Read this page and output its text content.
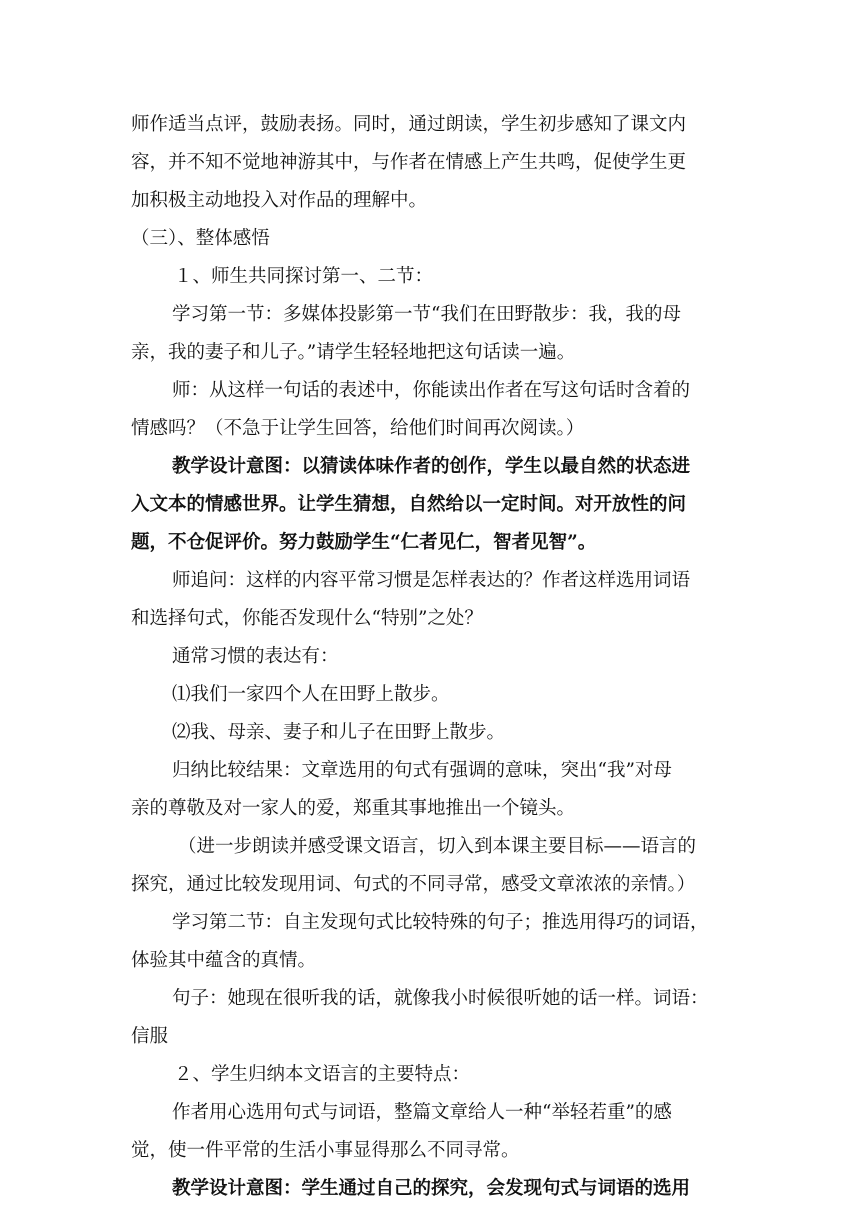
师作适当点评，鼓励表扬。同时，通过朗读，学生初步感知了课文内
容，并不知不觉地神游其中，与作者在情感上产生共鸣，促使学生更
加积极主动地投入对作品的理解中。
（三）、整体感悟
１、师生共同探讨第一、二节：
学习第一节：多媒体投影第一节“我们在田野散步：我，我的母
亲，我的妻子和儿子。”请学生轻轻地把这句话读一遍。
师：从这样一句话的表述中，你能读出作者在写这句话时含着的
情感吗？（不急于让学生回答，给他们时间再次阅读。）
教学设计意图：以猜读体味作者的创作，学生以最自然的状态进
入文本的情感世界。让学生猜想，自然给以一定时间。对开放性的问
题，不仓促评价。努力鼓励学生“仁者见仁，智者见智”。
师追问：这样的内容平常习惯是怎样表达的？作者这样选用词语
和选择句式，你能否发现什么“特别”之处？
通常习惯的表达有：
⑴我们一家四个人在田野上散步。
⑵我、母亲、妻子和儿子在田野上散步。
归纳比较结果：文章选用的句式有强调的意味，突出“我”对母
亲的尊敬及对一家人的爱，郑重其事地推出一个镜头。
（进一步朗读并感受课文语言，切入到本课主要目标——语言的
探究，通过比较发现用词、句式的不同寻常，感受文章浓浓的亲情。）
学习第二节：自主发现句式比较特殊的句子；推选用得巧的词语，
体验其中蕴含的真情。
句子：她现在很听我的话，就像我小时候很听她的话一样。词语：
信服
２、学生归纳本文语言的主要特点：
作者用心选用句式与词语，整篇文章给人一种“举轻若重”的感
觉，使一件平常的生活小事显得那么不同寻常。
教学设计意图：学生通过自己的探究，会发现句式与词语的选用
